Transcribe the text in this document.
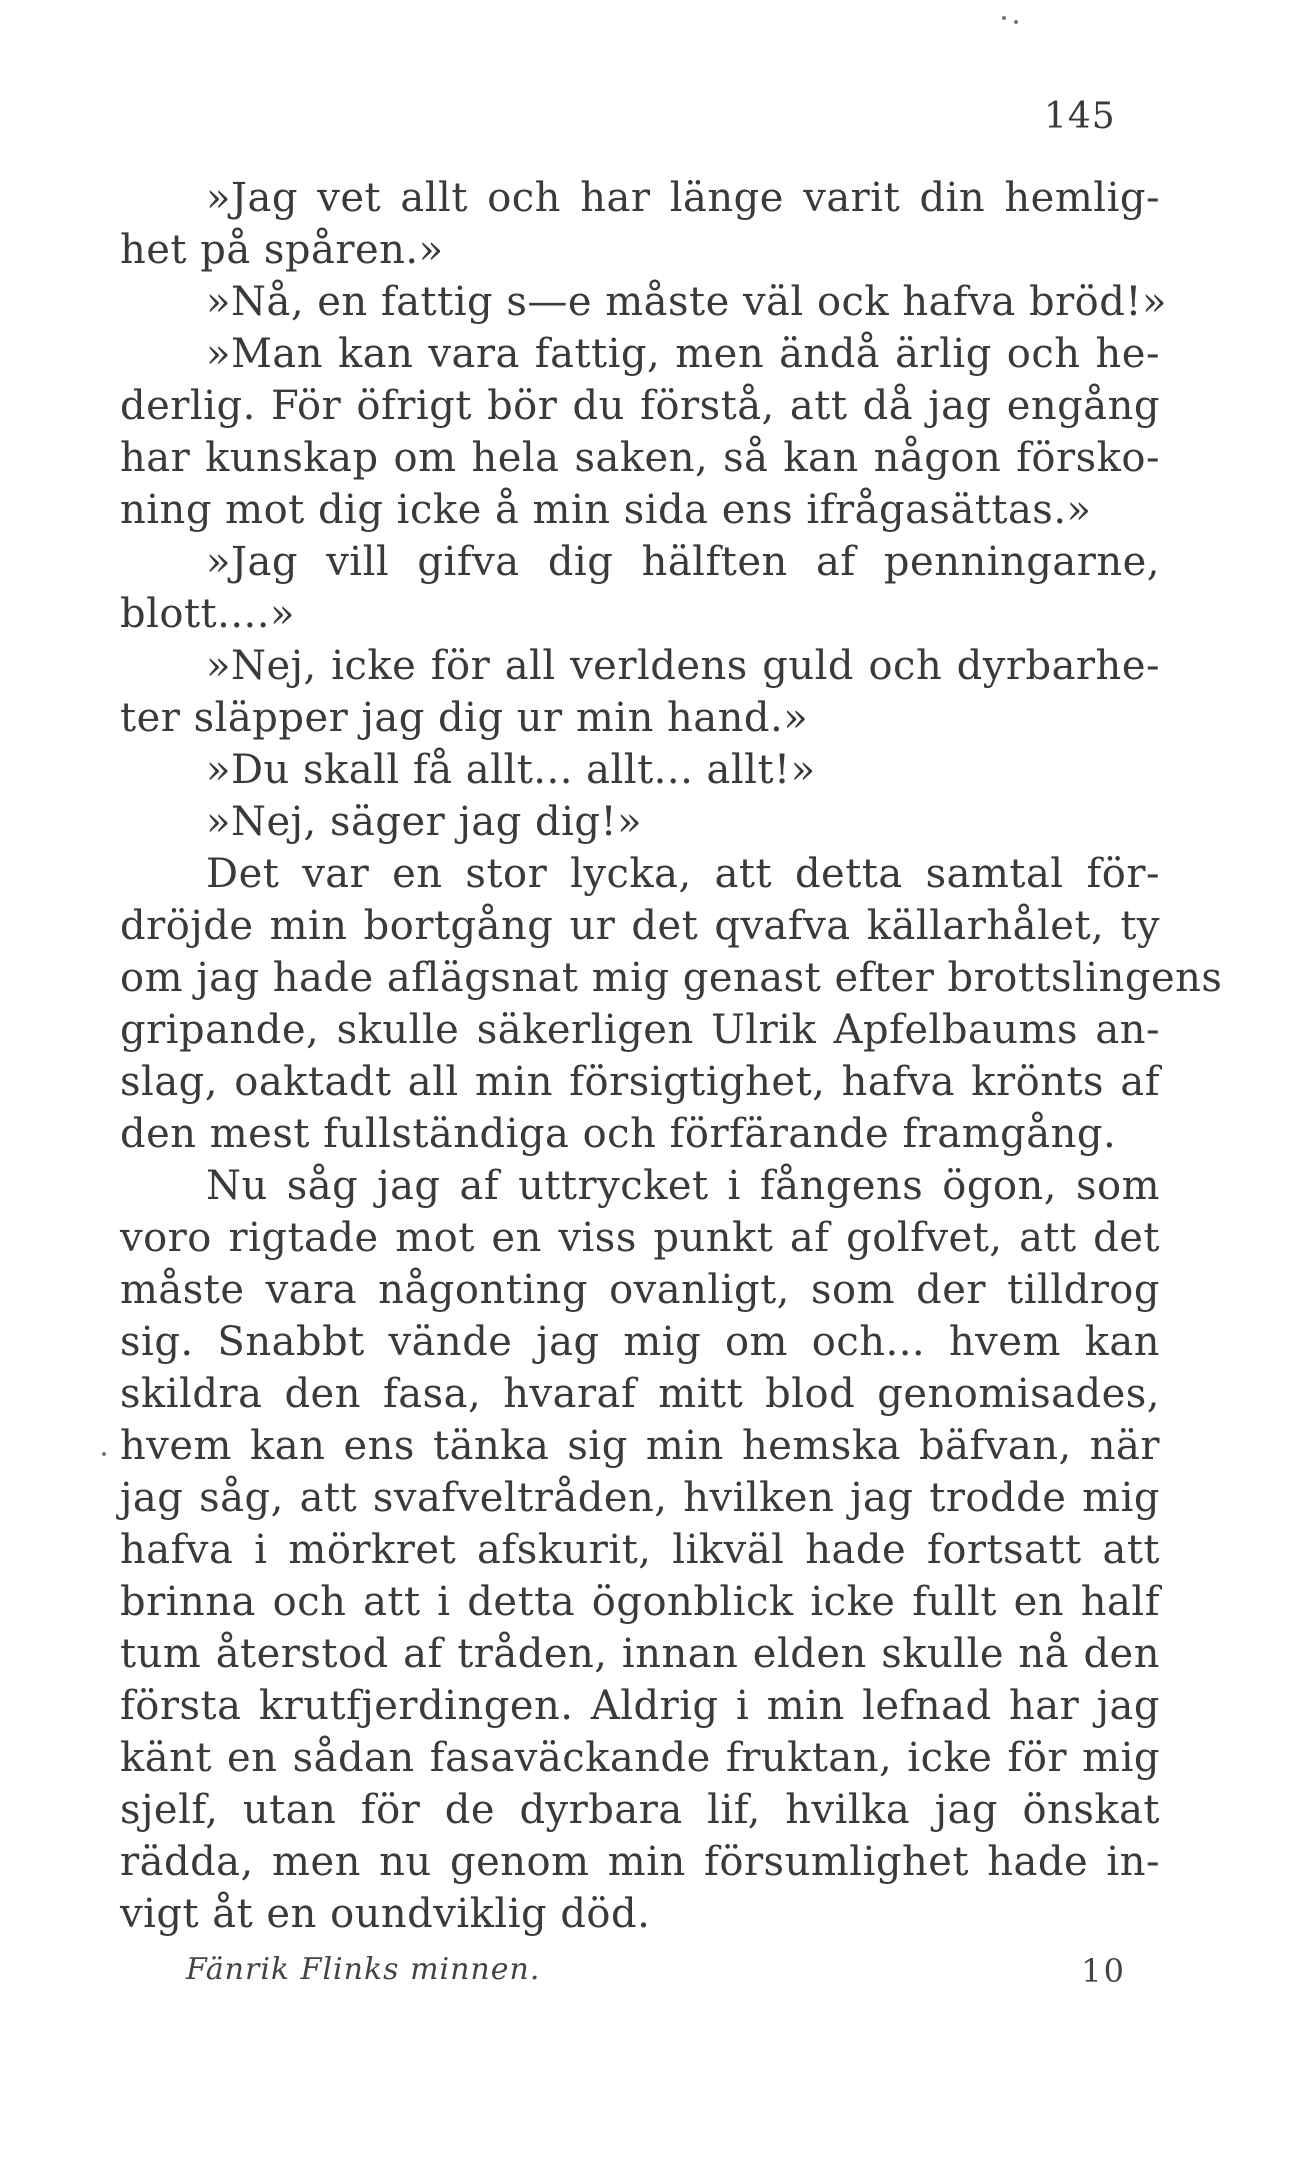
145
»Jag vet allt och har länge varit din hemlig-
het på spåren.»
»Nå, en fattig s—e måste väl ock hafva bröd!»
»Man kan vara fattig, men ändå ärlig och he-
derlig. För öfrigt bör du förstå, att då jag engång
har kunskap om hela saken, så kan någon försko-
ning mot dig icke å min sida ens ifrågasättas.»
»Jag vill gifva dig hälften af penningarne,
blott....»
»Nej, icke för all verldens guld och dyrbarhe-
ter släpper jag dig ur min hand.»
»Du skall få allt... allt... allt!»
»Nej, säger jag dig!»
Det var en stor lycka, att detta samtal för-
dröjde min bortgång ur det qvafva källarhålet, ty
om jag hade aflägsnat mig genast efter brottslingens
gripande, skulle säkerligen Ulrik Apfelbaums an-
slag, oaktadt all min försigtighet, hafva krönts af
den mest fullständiga och förfärande framgång.
Nu såg jag af uttrycket i fångens ögon, som
voro rigtade mot en viss punkt af golfvet, att det
måste vara någonting ovanligt, som der tilldrog
sig. Snabbt vände jag mig om och... hvem kan
skildra den fasa, hvaraf mitt blod genomisades,
hvem kan ens tänka sig min hemska bäfvan, när
jag såg, att svafveltråden, hvilken jag trodde mig
hafva i mörkret afskurit, likväl hade fortsatt att
brinna och att i detta ögonblick icke fullt en half
tum återstod af tråden, innan elden skulle nå den
första krutfjerdingen. Aldrig i min lefnad har jag
känt en sådan fasaväckande fruktan, icke för mig
sjelf, utan för de dyrbara lif, hvilka jag önskat
rädda, men nu genom min försumlighet hade in-
vigt åt en oundviklig död.
Fänrik Flinks minnen.	10
